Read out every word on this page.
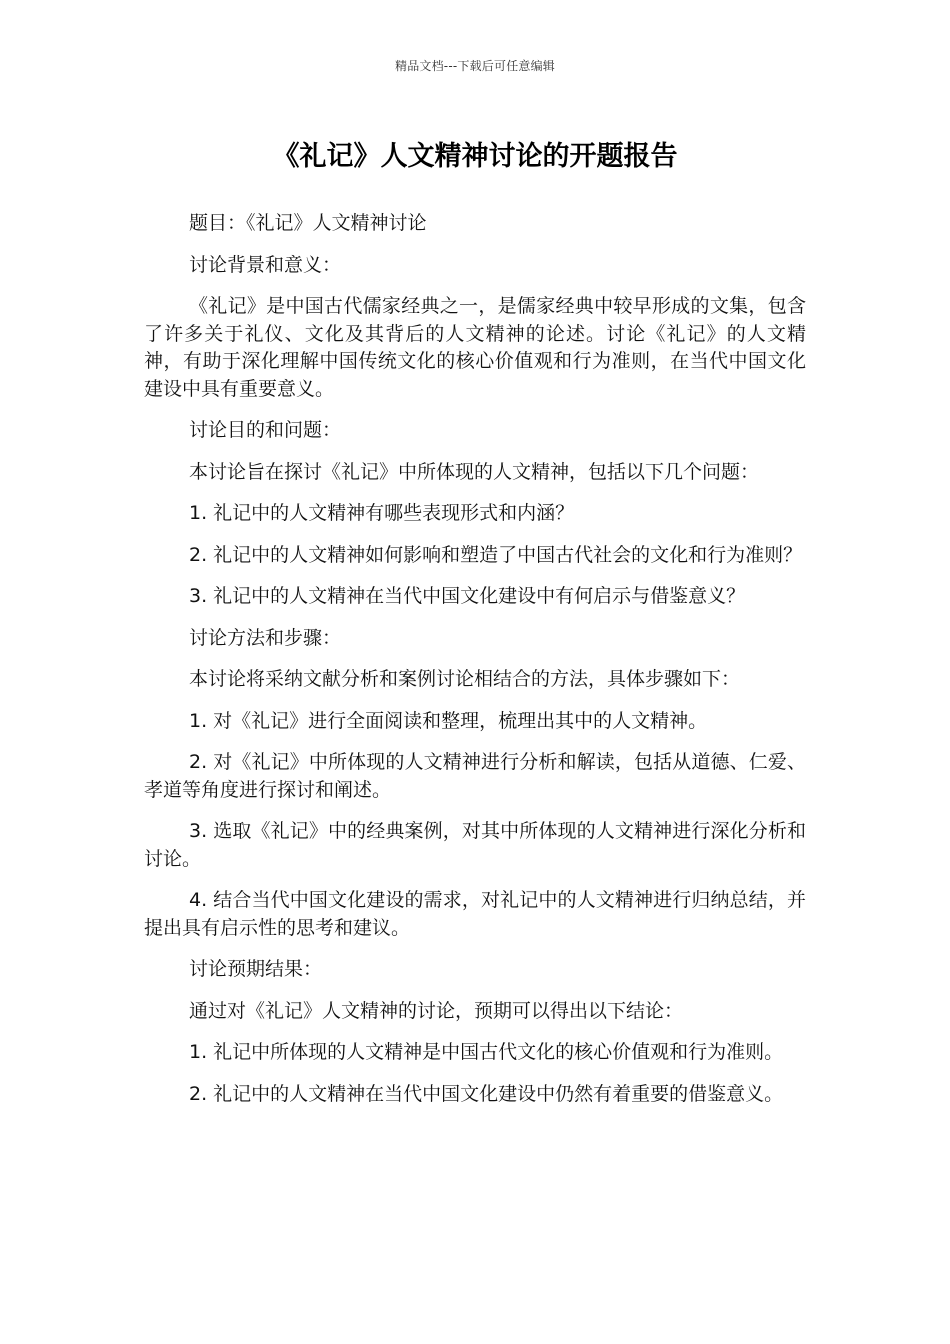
精品文档---下载后可任意编辑
《礼记》人文精神讨论的开题报告

题目：《礼记》人文精神讨论

讨论背景和意义：

《礼记》是中国古代儒家经典之一，是儒家经典中较早形成的文集，包含了许多关于礼仪、文化及其背后的人文精神的论述。讨论《礼记》的人文精神，有助于深化理解中国传统文化的核心价值观和行为准则，在当代中国文化建设中具有重要意义。

讨论目的和问题：

本讨论旨在探讨《礼记》中所体现的人文精神，包括以下几个问题：

1. 礼记中的人文精神有哪些表现形式和内涵？

2. 礼记中的人文精神如何影响和塑造了中国古代社会的文化和行为准则？

3. 礼记中的人文精神在当代中国文化建设中有何启示与借鉴意义？

讨论方法和步骤：

本讨论将采纳文献分析和案例讨论相结合的方法，具体步骤如下：

1. 对《礼记》进行全面阅读和整理，梳理出其中的人文精神。

2. 对《礼记》中所体现的人文精神进行分析和解读，包括从道德、仁爱、孝道等角度进行探讨和阐述。

3. 选取《礼记》中的经典案例，对其中所体现的人文精神进行深化分析和讨论。

4. 结合当代中国文化建设的需求，对礼记中的人文精神进行归纳总结，并提出具有启示性的思考和建议。

讨论预期结果：

通过对《礼记》人文精神的讨论，预期可以得出以下结论：

1. 礼记中所体现的人文精神是中国古代文化的核心价值观和行为准则。

2. 礼记中的人文精神在当代中国文化建设中仍然有着重要的借鉴意义。
